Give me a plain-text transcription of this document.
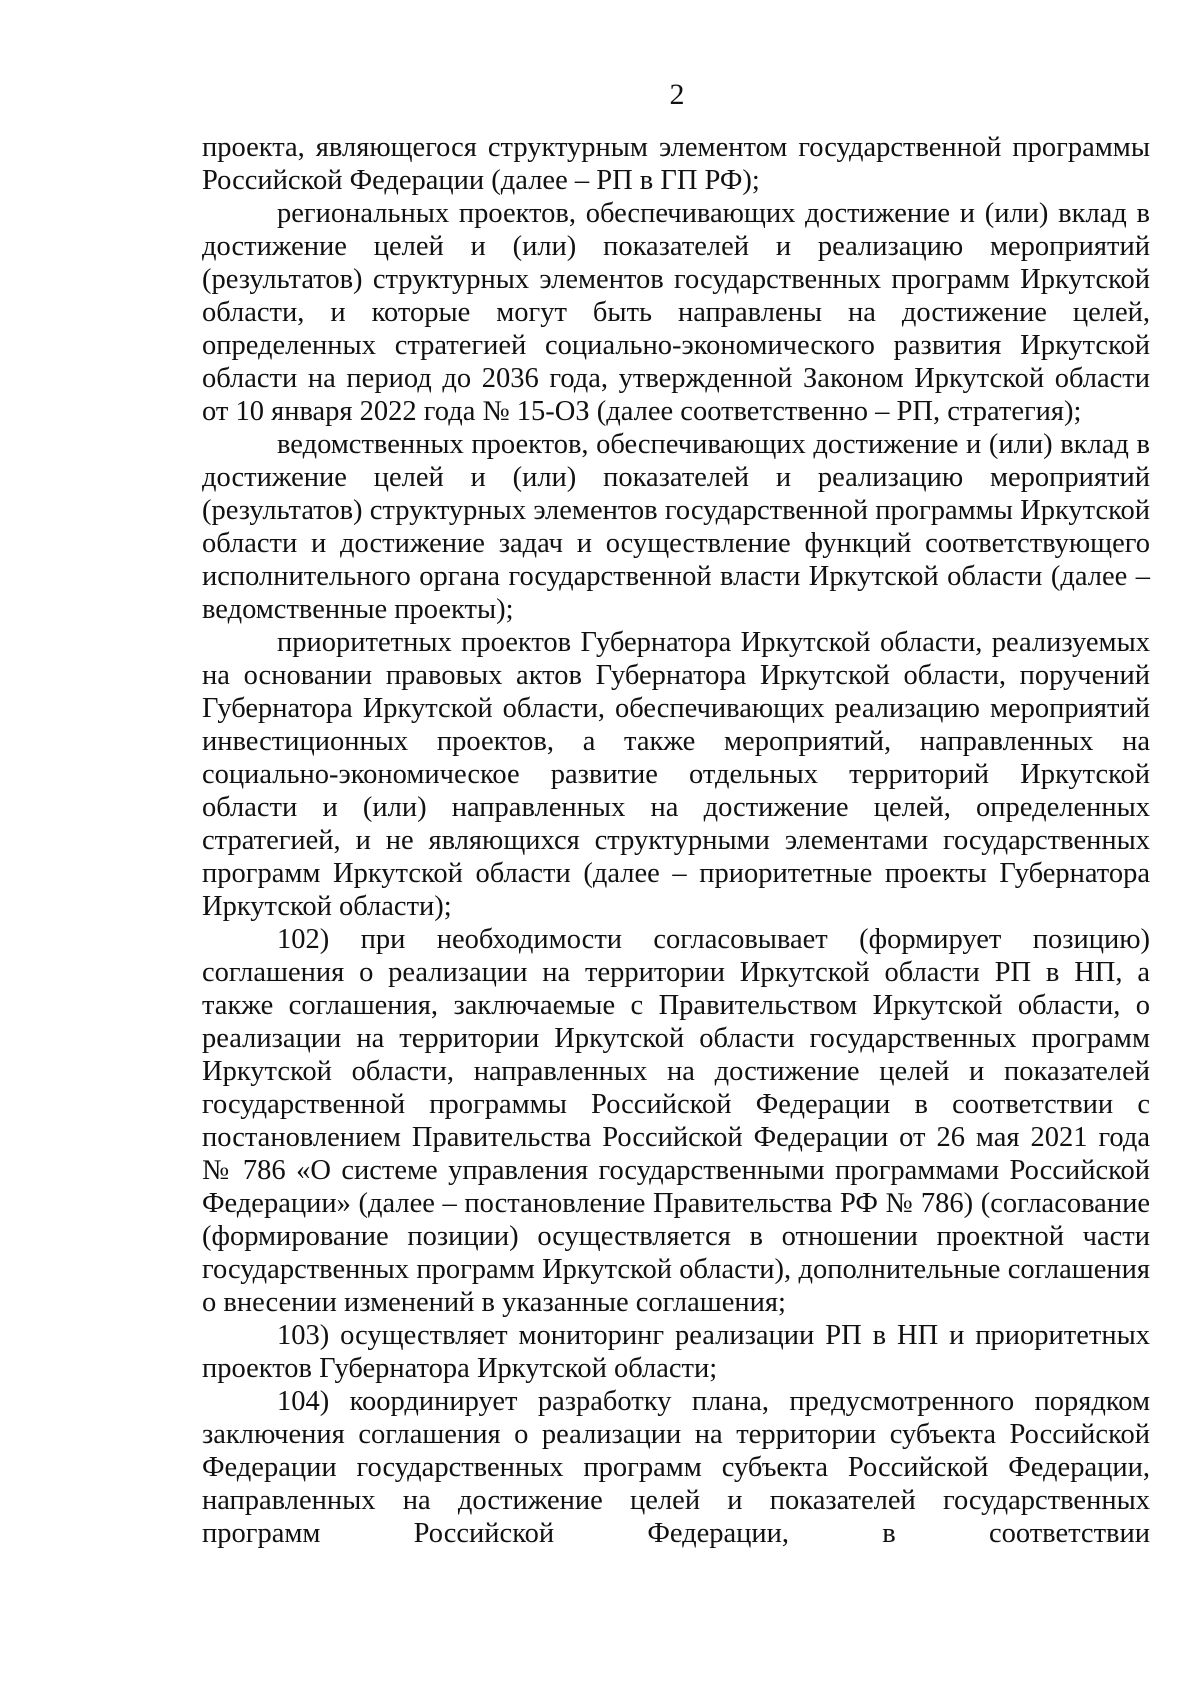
2

проекта, являющегося структурным элементом государственной программы Российской Федерации (далее – РП в ГП РФ);

региональных проектов, обеспечивающих достижение и (или) вклад в достижение целей и (или) показателей и реализацию мероприятий (результатов) структурных элементов государственных программ Иркутской области, и которые могут быть направлены на достижение целей, определенных стратегией социально-экономического развития Иркутской области на период до 2036 года, утвержденной Законом Иркутской области от 10 января 2022 года № 15-ОЗ (далее соответственно – РП, стратегия);

ведомственных проектов, обеспечивающих достижение и (или) вклад в достижение целей и (или) показателей и реализацию мероприятий (результатов) структурных элементов государственной программы Иркутской области и достижение задач и осуществление функций соответствующего исполнительного органа государственной власти Иркутской области (далее – ведомственные проекты);

приоритетных проектов Губернатора Иркутской области, реализуемых на основании правовых актов Губернатора Иркутской области, поручений Губернатора Иркутской области, обеспечивающих реализацию мероприятий инвестиционных проектов, а также мероприятий, направленных на социально-экономическое развитие отдельных территорий Иркутской области и (или) направленных на достижение целей, определенных стратегией, и не являющихся структурными элементами государственных программ Иркутской области (далее – приоритетные проекты Губернатора Иркутской области);

102) при необходимости согласовывает (формирует позицию) соглашения о реализации на территории Иркутской области РП в НП, а также соглашения, заключаемые с Правительством Иркутской области, о реализации на территории Иркутской области государственных программ Иркутской области, направленных на достижение целей и показателей государственной программы Российской Федерации в соответствии с постановлением Правительства Российской Федерации от 26 мая 2021 года № 786 «О системе управления государственными программами Российской Федерации» (далее – постановление Правительства РФ № 786) (согласование (формирование позиции) осуществляется в отношении проектной части государственных программ Иркутской области), дополнительные соглашения о внесении изменений в указанные соглашения;

103) осуществляет мониторинг реализации РП в НП и приоритетных проектов Губернатора Иркутской области;

104) координирует разработку плана, предусмотренного порядком заключения соглашения о реализации на территории субъекта Российской Федерации государственных программ субъекта Российской Федерации, направленных на достижение целей и показателей государственных программ Российской Федерации, в соответствии
